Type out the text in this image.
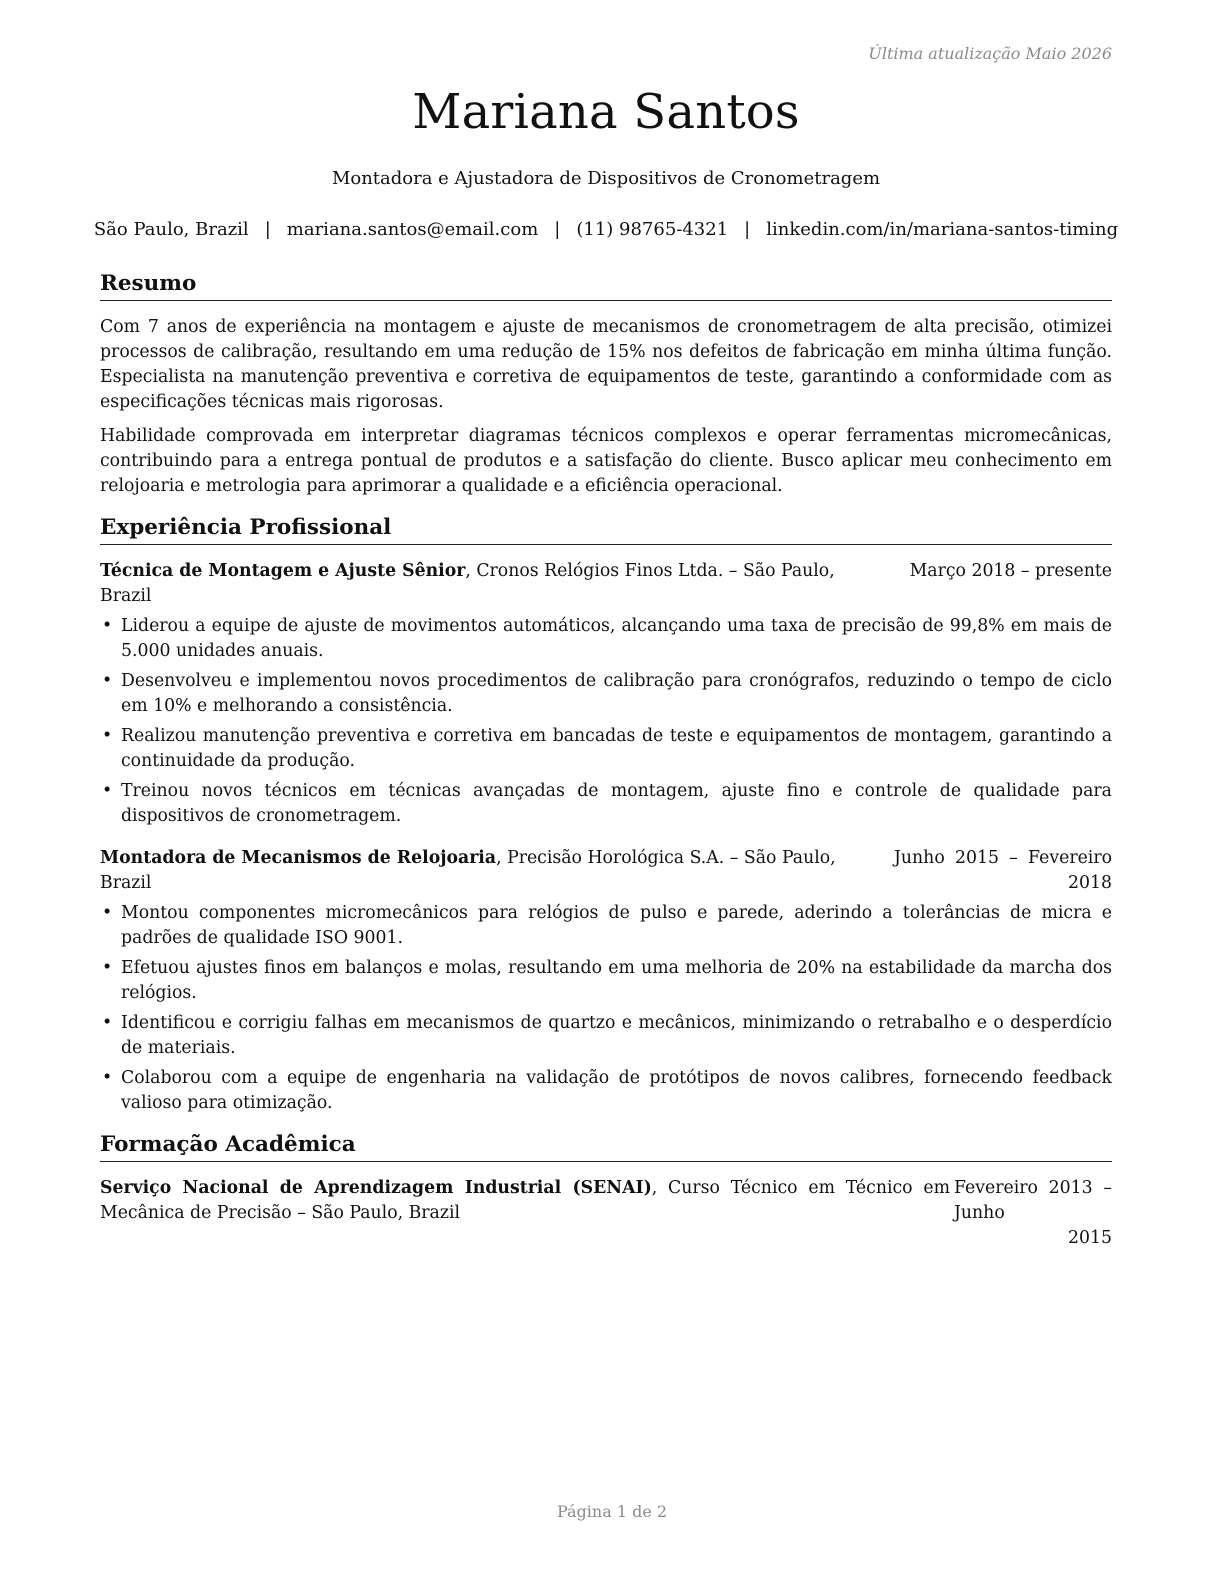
Última atualização Maio 2026
Mariana Santos
Montadora e Ajustadora de Dispositivos de Cronometragem
São Paulo, Brazil | mariana.santos@email.com | (11) 98765-4321 | linkedin.com/in/mariana-santos-timing
Resumo

Com 7 anos de experiência na montagem e ajuste de mecanismos de cronometragem de alta precisão, otimizei processos de calibração, resultando em uma redução de 15% nos defeitos de fabricação em minha última função. Especialista na manutenção preventiva e corretiva de equipamentos de teste, garantindo a conformidade com as especificações técnicas mais rigorosas.

Habilidade comprovada em interpretar diagramas técnicos complexos e operar ferramentas micromecânicas, contribuindo para a entrega pontual de produtos e a satisfação do cliente. Busco aplicar meu conhecimento em relojoaria e metrologia para aprimorar a qualidade e a eficiência operacional.

Experiência Profissional
Técnica de Montagem e Ajuste Sênior, Cronos Relógios Finos Ltda. – São Paulo, Brazil
Março 2018 – presente
• Liderou a equipe de ajuste de movimentos automáticos, alcançando uma taxa de precisão de 99,8% em mais de 5.000 unidades anuais.
• Desenvolveu e implementou novos procedimentos de calibração para cronógrafos, reduzindo o tempo de ciclo em 10% e melhorando a consistência.
• Realizou manutenção preventiva e corretiva em bancadas de teste e equipamentos de montagem, garantindo a continuidade da produção.
• Treinou novos técnicos em técnicas avançadas de montagem, ajuste fino e controle de qualidade para dispositivos de cronometragem.
Montadora de Mecanismos de Relojoaria, Precisão Horológica S.A. – São Paulo, Brazil
Junho 2015 – Fevereiro
2018
• Montou componentes micromecânicos para relógios de pulso e parede, aderindo a tolerâncias de micra e padrões de qualidade ISO 9001.
• Efetuou ajustes finos em balanços e molas, resultando em uma melhoria de 20% na estabilidade da marcha dos relógios.
• Identificou e corrigiu falhas em mecanismos de quartzo e mecânicos, minimizando o retrabalho e o desperdício de materiais.
• Colaborou com a equipe de engenharia na validação de protótipos de novos calibres, fornecendo feedback valioso para otimização.
Formação Acadêmica
Serviço Nacional de Aprendizagem Industrial (SENAI), Curso Técnico em Técnico em Mecânica de Precisão – São Paulo, Brazil
Fevereiro 2013 – Junho
2015
Página 1 de 2
